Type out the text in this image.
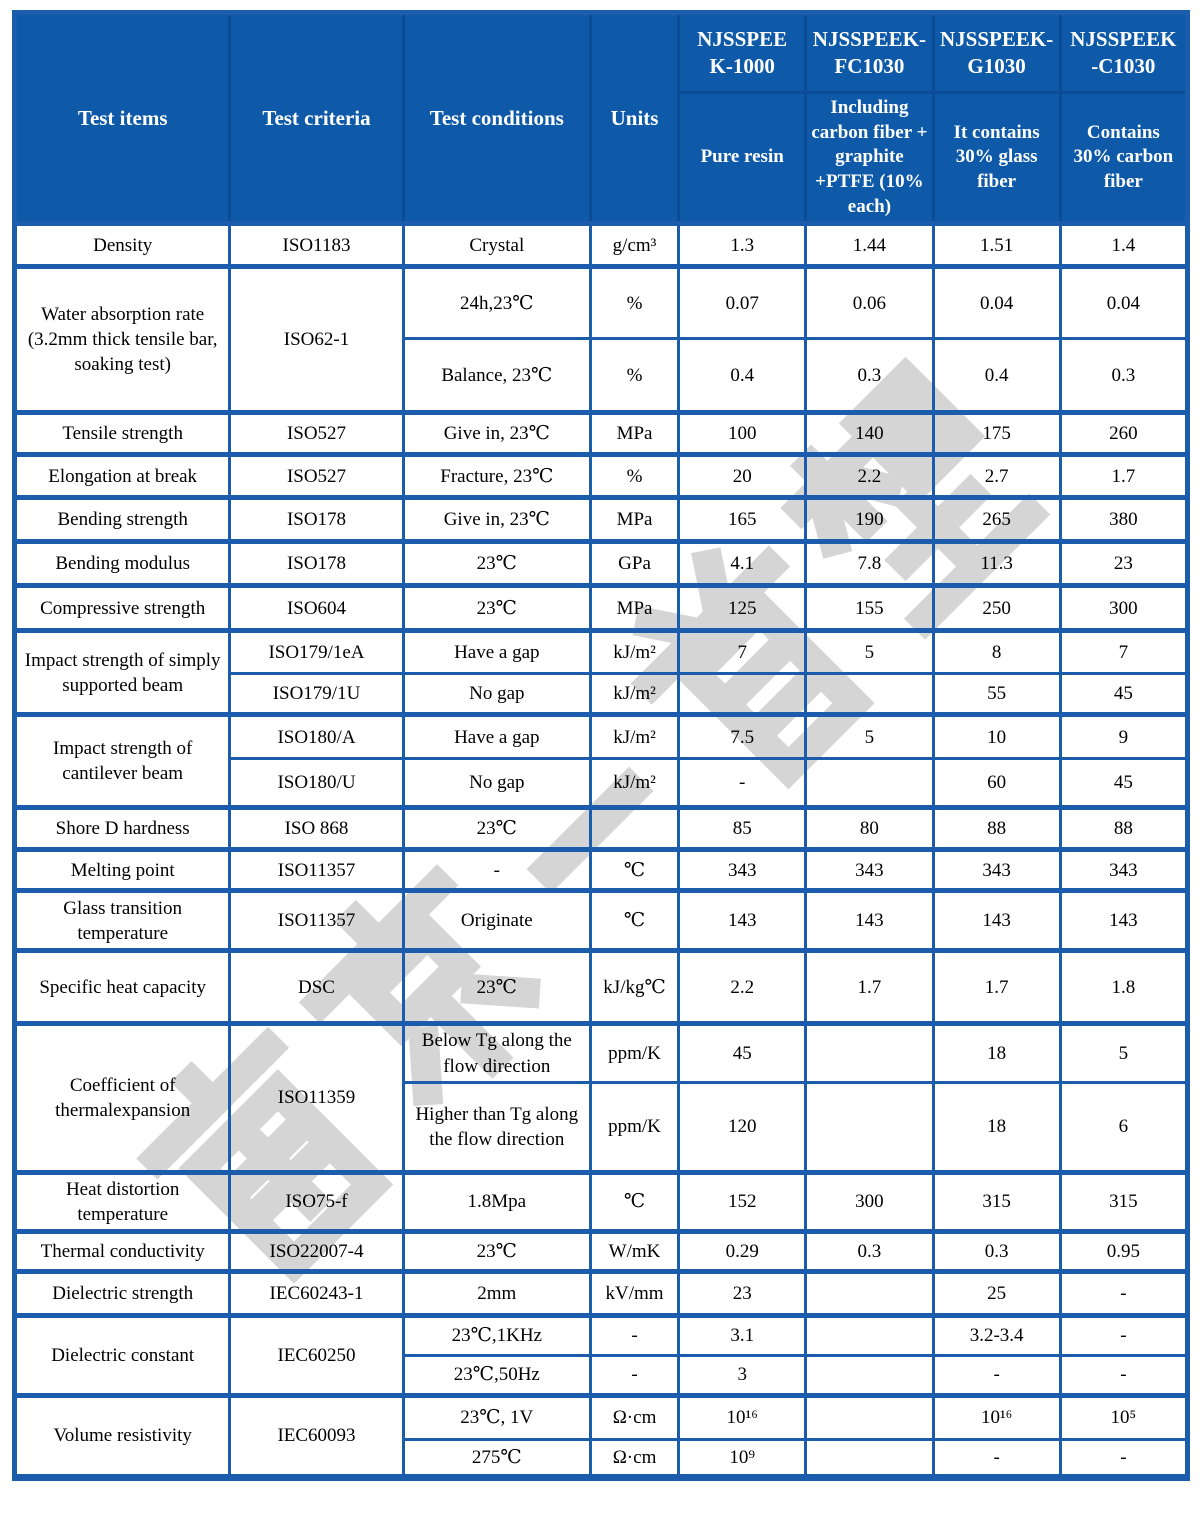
Test items	Test criteria	Test conditions	Units	NJSSPEE K-1000	NJSSPEEK- FC1030	NJSSPEEK- G1030	NJSSPEEK -C1030
				Pure resin	Including carbon fiber + graphite +PTFE (10% each)	It contains 30% glass fiber	Contains 30% carbon fiber
Density	ISO1183	Crystal	g/cm³	1.3	1.44	1.51	1.4
Water absorption rate (3.2mm thick tensile bar, soaking test)	ISO62-1	24h,23℃	%	0.07	0.06	0.04	0.04
		Balance, 23℃	%	0.4	0.3	0.4	0.3
Tensile strength	ISO527	Give in, 23℃	MPa	100	140	175	260
Elongation at break	ISO527	Fracture, 23℃	%	20	2.2	2.7	1.7
Bending strength	ISO178	Give in, 23℃	MPa	165	190	265	380
Bending modulus	ISO178	23℃	GPa	4.1	7.8	11.3	23
Compressive strength	ISO604	23℃	MPa	125	155	250	300
Impact strength of simply supported beam	ISO179/1eA	Have a gap	kJ/m²	7	5	8	7
	ISO179/1U	No gap	kJ/m²			55	45
Impact strength of cantilever beam	ISO180/A	Have a gap	kJ/m²	7.5	5	10	9
	ISO180/U	No gap	kJ/m²	-		60	45
Shore D hardness	ISO 868	23℃		85	80	88	88
Melting point	ISO11357	-	℃	343	343	343	343
Glass transition temperature	ISO11357	Originate	℃	143	143	143	143
Specific heat capacity	DSC	23℃	kJ/kg℃	2.2	1.7	1.7	1.8
Coefficient of thermalexpansion	ISO11359	Below Tg along the flow direction	ppm/K	45		18	5
		Higher than Tg along the flow direction	ppm/K	120		18	6
Heat distortion temperature	ISO75-f	1.8Mpa	℃	152	300	315	315
Thermal conductivity	ISO22007-4	23℃	W/mK	0.29	0.3	0.3	0.95
Dielectric strength	IEC60243-1	2mm	kV/mm	23		25	-
Dielectric constant	IEC60250	23℃,1KHz	-	3.1		3.2-3.4	-
		23℃,50Hz	-	3		-	-
Volume resistivity	IEC60093	23℃, 1V	Ω·cm	10¹⁶		10¹⁶	10⁵
		275℃	Ω·cm	10⁹		-	-
